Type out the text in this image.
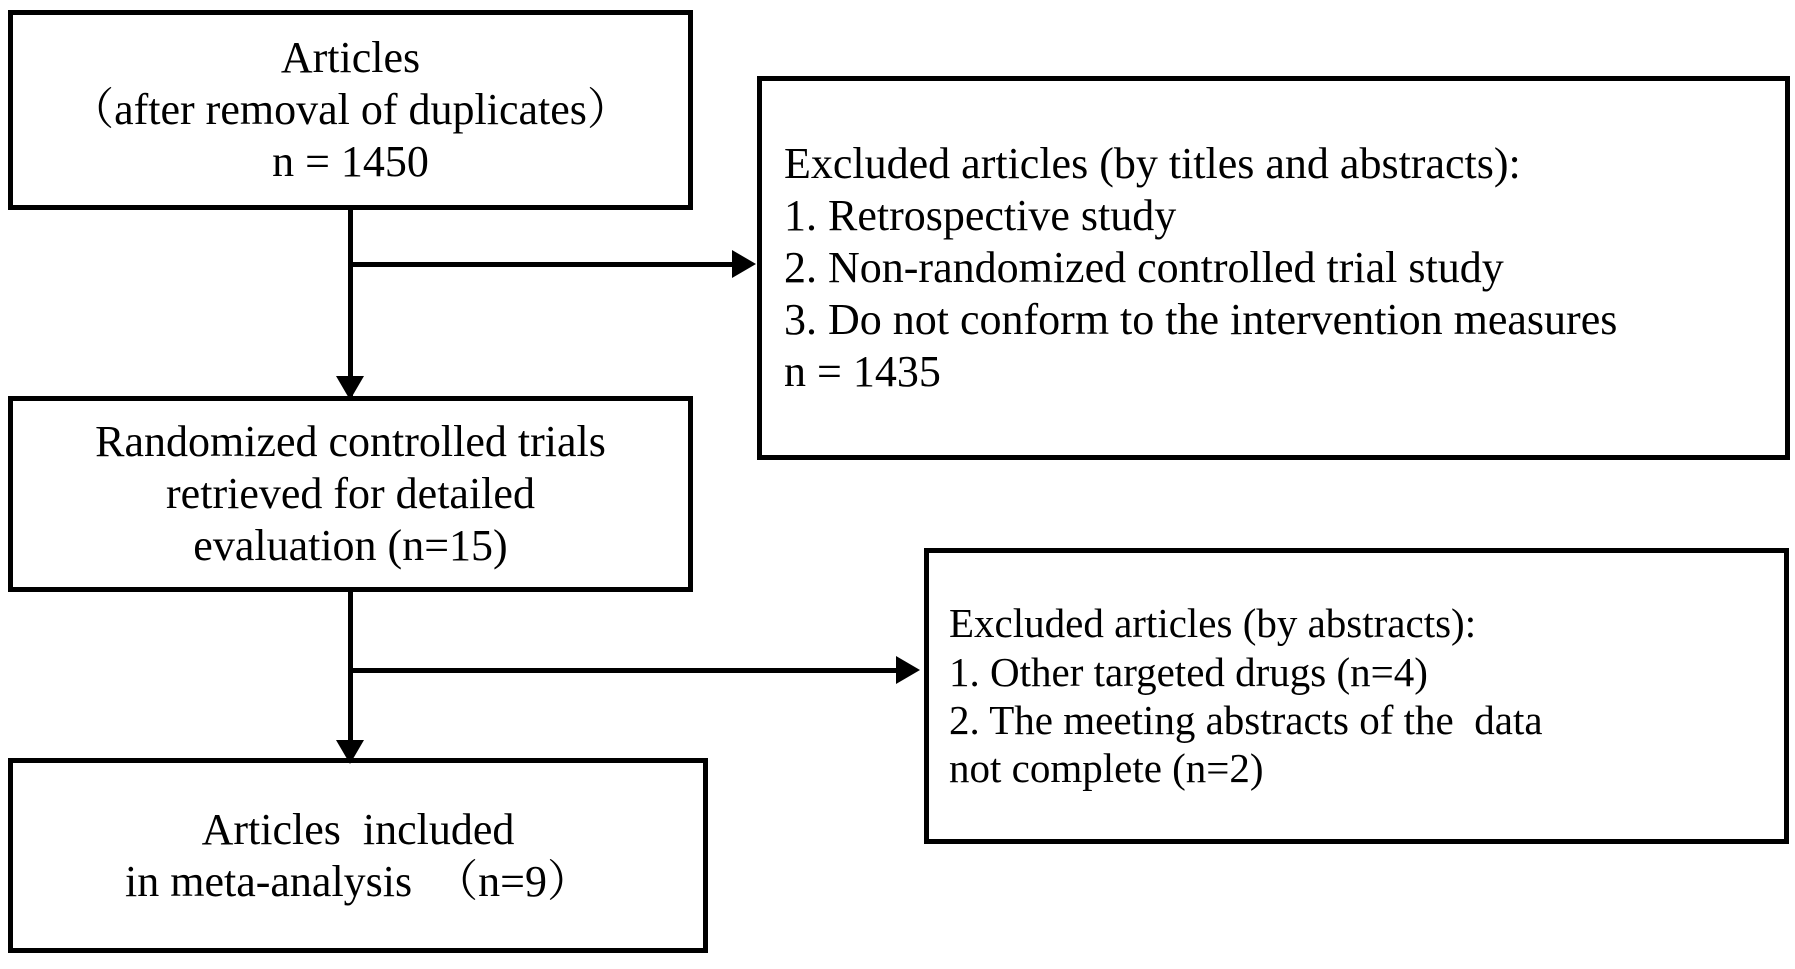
Articles
（after removal of duplicates）
n = 1450	Excluded articles (by titles and abstracts):
1. Retrospective study
2. Non-randomized controlled trial study
3. Do not conform to the intervention measures
n = 1435
Randomized controlled trials
retrieved for detailed
evaluation (n=15)
Excluded articles (by abstracts):
1. Other targeted drugs (n=4)
2. The meeting abstracts of the  data
not complete (n=2)
Articles  included
in meta-analysis  （n=9）
